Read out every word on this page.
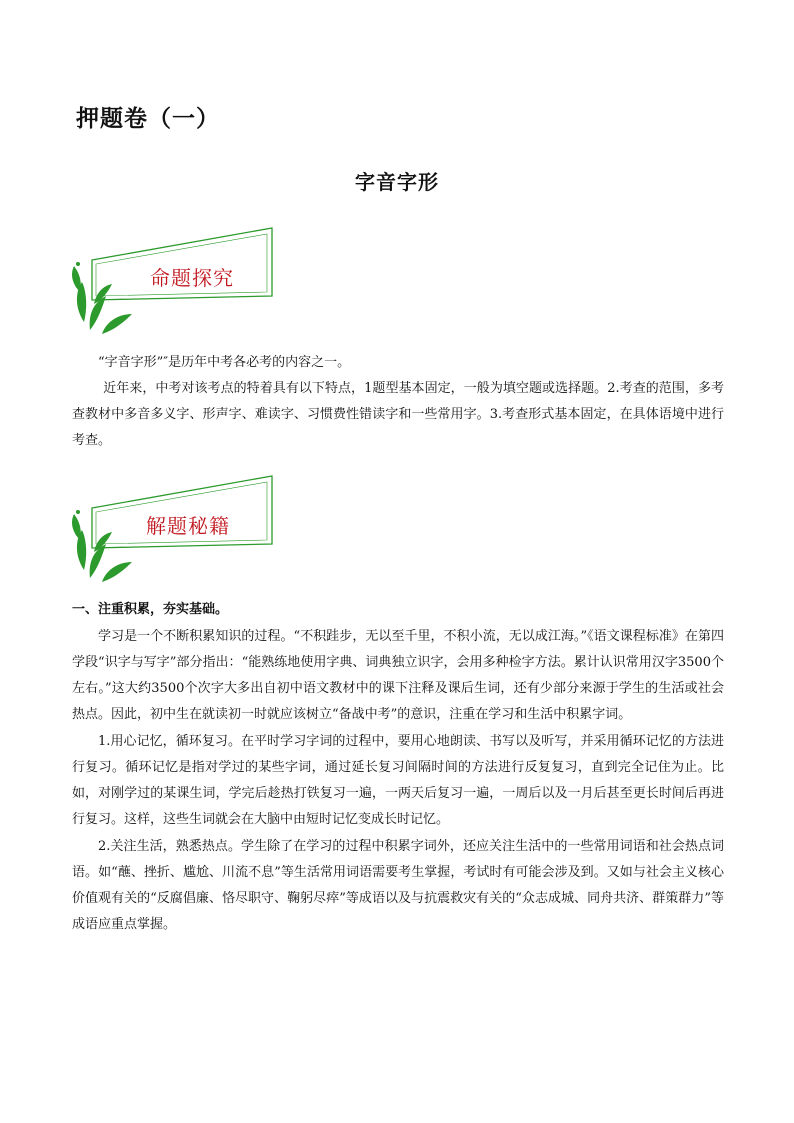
押题卷（一）
字音字形
命题探究

“字音字形”″是历年中考各必考的内容之一。

近年来，中考对该考点的特着具有以下特点，1题型基本固定，一般为填空题或选择题。2.考查的范围，多考查教材中多音多义字、形声字、难读字、习惯费性错读字和一些常用字。3.考查形式基本固定，在具体语境中进行考查。

解题秘籍
一、注重积累，夯实基础。

学习是一个不断积累知识的过程。“不积跬步，无以至千里，不积小流，无以成江海。”《语文课程标准》在第四学段“识字与写字”部分指出：“能熟练地使用字典、词典独立识字，会用多种检字方法。累计认识常用汉字3500个左右。”这大约3500个次字大多出自初中语文教材中的课下注释及课后生词，还有少部分来源于学生的生活或社会热点。因此，初中生在就读初一时就应该树立“备战中考”的意识，注重在学习和生活中积累字词。

1.用心记忆，循环复习。在平时学习字词的过程中，要用心地朗读、书写以及听写，并采用循环记忆的方法进行复习。循环记忆是指对学过的某些字词，通过延长复习间隔时间的方法进行反复复习，直到完全记住为止。比如，对刚学过的某课生词，学完后趁热打铁复习一遍，一两天后复习一遍，一周后以及一月后甚至更长时间后再进行复习。这样，这些生词就会在大脑中由短时记忆变成长时记忆。

2.关注生活，熟悉热点。学生除了在学习的过程中积累字词外，还应关注生活中的一些常用词语和社会热点词语。如“蘸、挫折、尴尬、川流不息”等生活常用词语需要考生掌握，考试时有可能会涉及到。又如与社会主义核心价值观有关的“反腐倡廉、恪尽职守、鞠躬尽瘁”等成语以及与抗震救灾有关的“众志成城、同舟共济、群策群力”等成语应重点掌握。
